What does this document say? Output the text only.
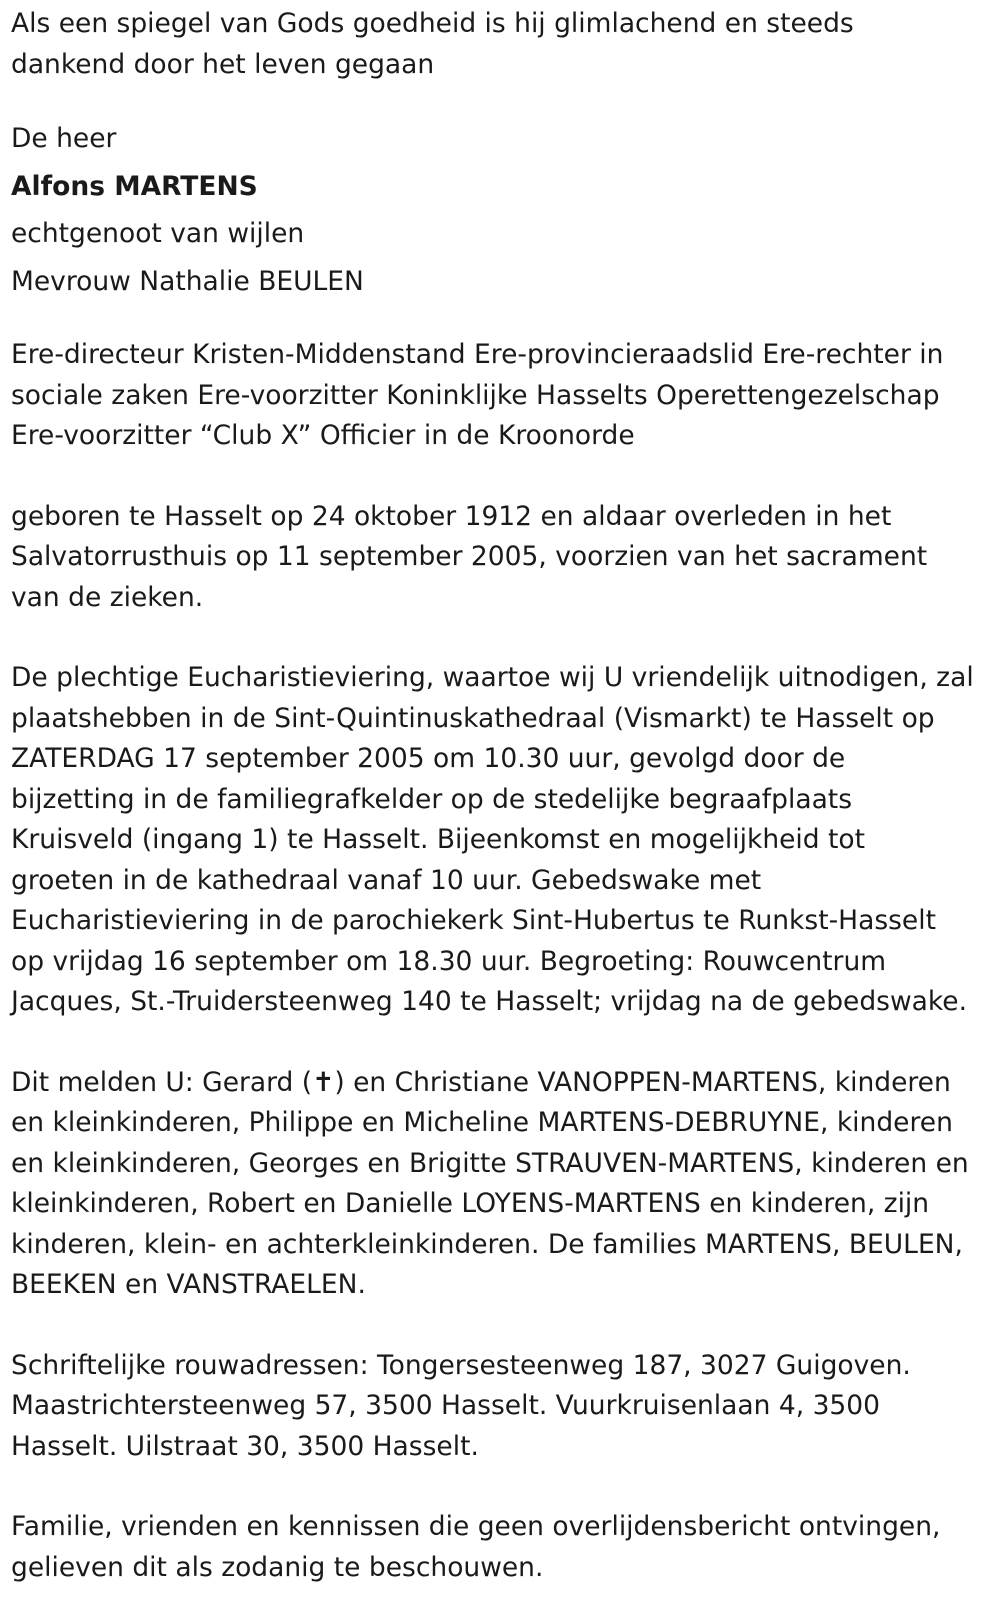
Als een spiegel van Gods goedheid is hij glimlachend en steeds dankend door het leven gegaan

De heer

Alfons MARTENS

echtgenoot van wijlen

Mevrouw Nathalie BEULEN

Ere-directeur Kristen-Middenstand Ere-provincieraadslid Ere-rechter in sociale zaken Ere-voorzitter Koninklijke Hasselts Operettengezelschap Ere-voorzitter “Club X” Officier in de Kroonorde

geboren te Hasselt op 24 oktober 1912 en aldaar overleden in het Salvatorrusthuis op 11 september 2005, voorzien van het sacrament van de zieken.

De plechtige Eucharistieviering, waartoe wij U vriendelijk uitnodigen, zal plaatshebben in de Sint-Quintinuskathedraal (Vismarkt) te Hasselt op ZATERDAG 17 september 2005 om 10.30 uur, gevolgd door de bijzetting in de familiegrafkelder op de stedelijke begraafplaats Kruisveld (ingang 1) te Hasselt. Bijeenkomst en mogelijkheid tot groeten in de kathedraal vanaf 10 uur. Gebedswake met Eucharistieviering in de parochiekerk Sint-Hubertus te Runkst-Hasselt op vrijdag 16 september om 18.30 uur. Begroeting: Rouwcentrum Jacques, St.-Truidersteenweg 140 te Hasselt; vrijdag na de gebedswake.

Dit melden U: Gerard (✝) en Christiane VANOPPEN-MARTENS, kinderen en kleinkinderen, Philippe en Micheline MARTENS-DEBRUYNE, kinderen en kleinkinderen, Georges en Brigitte STRAUVEN-MARTENS, kinderen en kleinkinderen, Robert en Danielle LOYENS-MARTENS en kinderen, zijn kinderen, klein- en achterkleinkinderen. De families MARTENS, BEULEN, BEEKEN en VANSTRAELEN.

Schriftelijke rouwadressen: Tongersesteenweg 187, 3027 Guigoven. Maastrichtersteenweg 57, 3500 Hasselt. Vuurkruisenlaan 4, 3500 Hasselt. Uilstraat 30, 3500 Hasselt.

Familie, vrienden en kennissen die geen overlijdensbericht ontvingen, gelieven dit als zodanig te beschouwen.
